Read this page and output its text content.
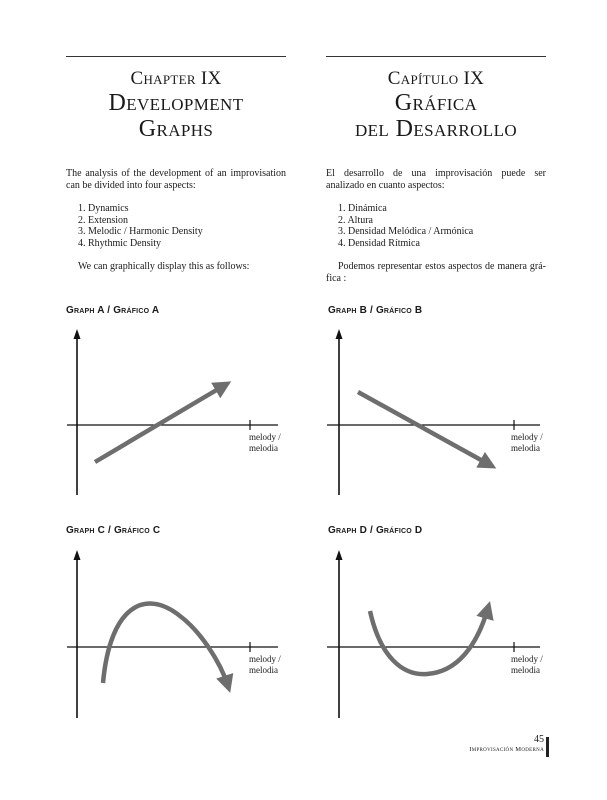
Chapter IX
Development
Graphs
The analysis of the development of an improvisation can be divided into four aspects:
1. Dynamics
2. Extension
3. Melodic / Harmonic Density
4. Rhythmic Density
We can graphically display this as follows:
Capítulo IX
Gráfica
del Desarrollo
El desarrollo de una improvisación puede ser analizado en cuanto aspectos:
1. Dinámica
2. Altura
3. Densidad Melódica / Armónica
4. Densidad Rítmica
Podemos representar estos aspectos de manera grá-fica :
Graph A / Gráfico A
melody /
melodia
Graph B / Gráfico B
melody /
melodia
Graph C / Gráfico C
melody /
melodia
Graph D / Gráfico D
melody /
melodia
45
Improvisación Moderna
